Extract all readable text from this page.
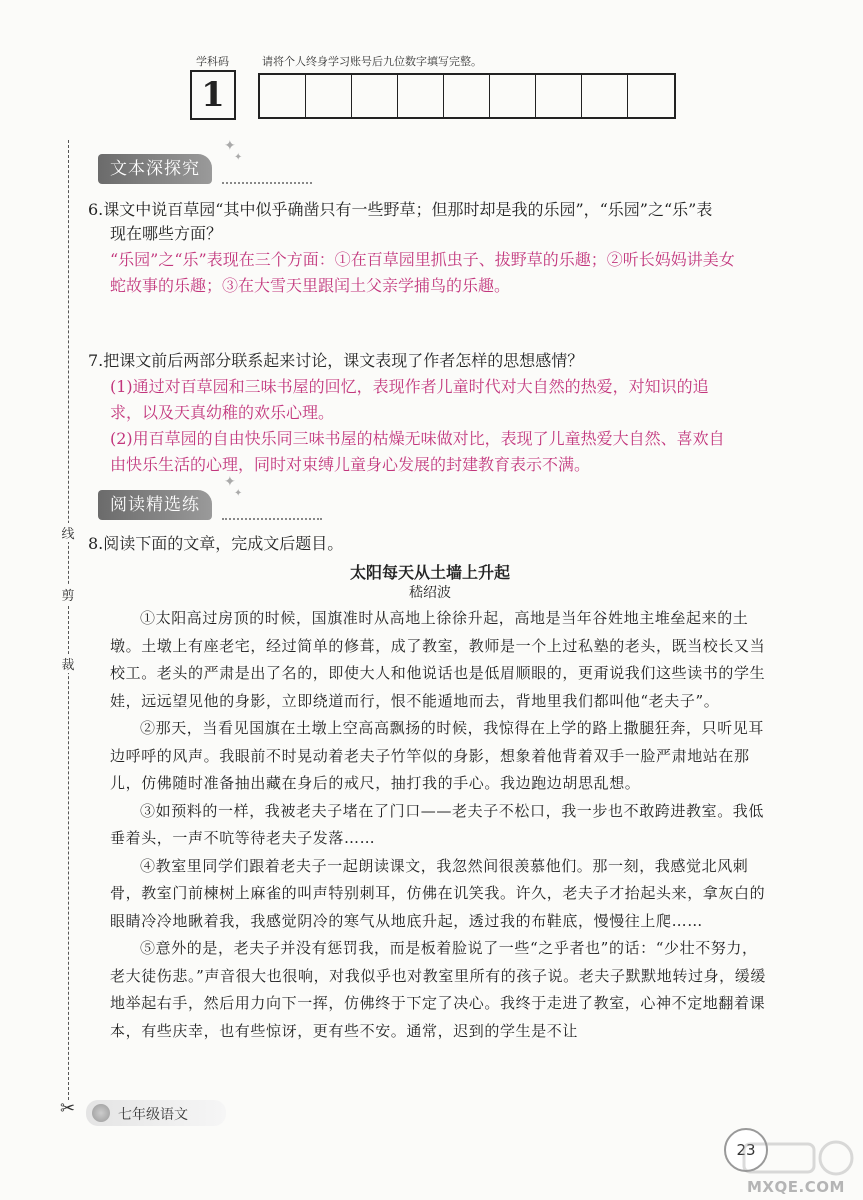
学科码	请将个人终身学习账号后九位数字填写完整。
1
线
剪
裁
✂
文本深探究
✦
✦
6.课文中说百草园“其中似乎确凿只有一些野草；但那时却是我的乐园”，“乐园”之“乐”表
现在哪些方面？
“乐园”之“乐”表现在三个方面：①在百草园里抓虫子、拔野草的乐趣；②听长妈妈讲美女
蛇故事的乐趣；③在大雪天里跟闰土父亲学捕鸟的乐趣。
7.把课文前后两部分联系起来讨论，课文表现了作者怎样的思想感情？
(1)通过对百草园和三味书屋的回忆，表现作者儿童时代对大自然的热爱，对知识的追
求，以及天真幼稚的欢乐心理。
(2)用百草园的自由快乐同三味书屋的枯燥无味做对比，表现了儿童热爱大自然、喜欢自
由快乐生活的心理，同时对束缚儿童身心发展的封建教育表示不满。
阅读精选练
✦
✦
8.阅读下面的文章，完成文后题目。
太阳每天从土墙上升起
嵇绍波
①太阳高过房顶的时候，国旗准时从高地上徐徐升起，高地是当年谷姓地主堆垒起来的土墩。土墩上有座老宅，经过简单的修葺，成了教室，教师是一个上过私塾的老头，既当校长又当校工。老头的严肃是出了名的，即使大人和他说话也是低眉顺眼的，更甭说我们这些读书的学生娃，远远望见他的身影，立即绕道而行，恨不能遁地而去，背地里我们都叫他“老夫子”。
②那天，当看见国旗在土墩上空高高飘扬的时候，我惊得在上学的路上撒腿狂奔，只听见耳边呼呼的风声。我眼前不时晃动着老夫子竹竿似的身影，想象着他背着双手一脸严肃地站在那儿，仿佛随时准备抽出藏在身后的戒尺，抽打我的手心。我边跑边胡思乱想。
③如预料的一样，我被老夫子堵在了门口——老夫子不松口，我一步也不敢跨进教室。我低垂着头，一声不吭等待老夫子发落……
④教室里同学们跟着老夫子一起朗读课文，我忽然间很羡慕他们。那一刻，我感觉北风刺骨，教室门前楝树上麻雀的叫声特别刺耳，仿佛在讥笑我。许久，老夫子才抬起头来，拿灰白的眼睛冷冷地瞅着我，我感觉阴冷的寒气从地底升起，透过我的布鞋底，慢慢往上爬……
⑤意外的是，老夫子并没有惩罚我，而是板着脸说了一些“之乎者也”的话：“少壮不努力，老大徒伤悲。”声音很大也很响，对我似乎也对教室里所有的孩子说。老夫子默默地转过身，缓缓地举起右手，然后用力向下一挥，仿佛终于下定了决心。我终于走进了教室，心神不定地翻着课本，有些庆幸，也有些惊讶，更有些不安。通常，迟到的学生是不让
七年级语文
23
MXQE.COM
